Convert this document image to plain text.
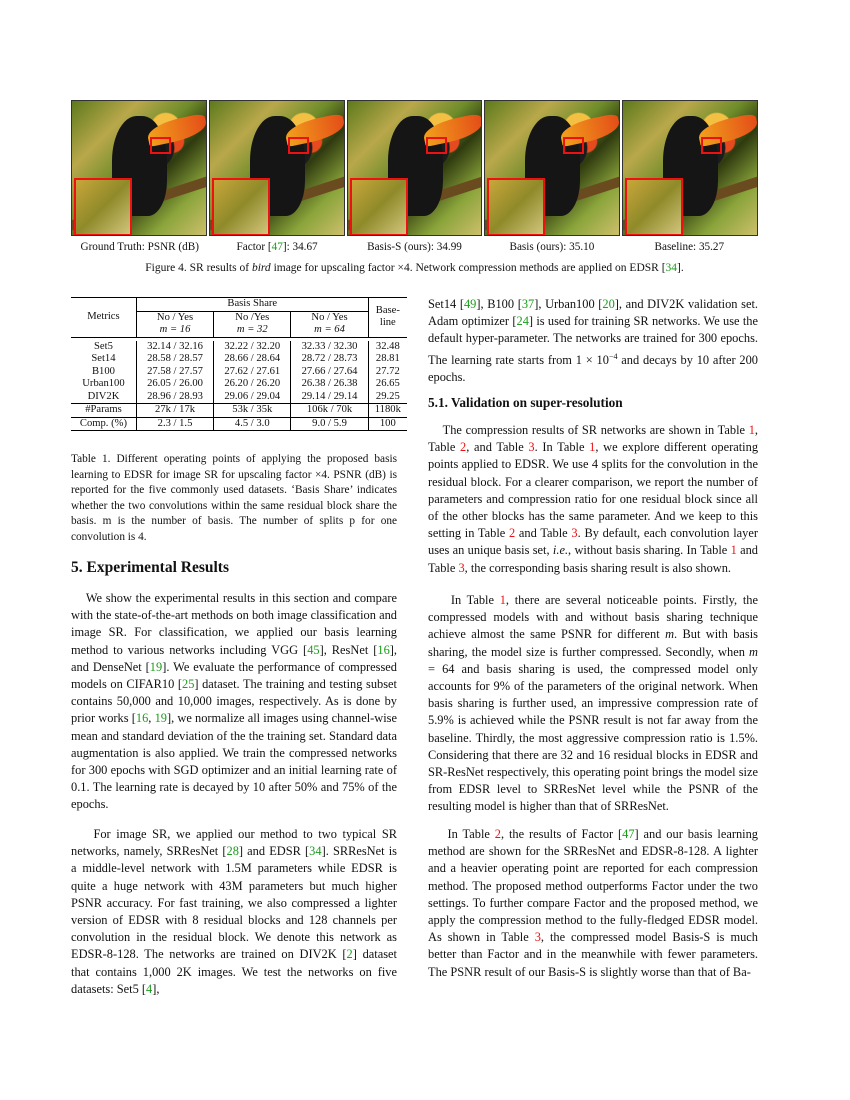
Ground Truth: PSNR (dB)	Factor [47]: 34.67	Basis-S (ours): 34.99	Basis (ours): 35.10	Baseline: 35.27
Figure 4. SR results of bird image for upscaling factor ×4. Network compression methods are applied on EDSR [34].
Metrics	Basis Share			Base-
line
	No / Yes	No /Yes	No / Yes	
	m = 16	m = 32	m = 64	

Set5	32.14 / 32.16	32.22 / 32.20	32.33 / 32.30	32.48
Set14	28.58 / 28.57	28.66 / 28.64	28.72 / 28.73	28.81
B100	27.58 / 27.57	27.62 / 27.61	27.66 / 27.64	27.72
Urban100	26.05 / 26.00	26.20 / 26.20	26.38 / 26.38	26.65
DIV2K	28.96 / 28.93	29.06 / 29.04	29.14 / 29.14	29.25
#Params	27k / 17k	53k / 35k	106k / 70k	1180k
Comp. (%)	2.3 / 1.5	4.5 / 3.0	9.0 / 5.9	100
Table 1. Different operating points of applying the proposed basis learning to EDSR for image SR for upscaling factor ×4. PSNR (dB) is reported for the five commonly used datasets. ‘Basis Share’ indicates whether the two convolutions within the same residual block share the basis. m is the number of basis. The number of splits p for one convolution is 4.
5. Experimental Results
We show the experimental results in this section and compare with the state-of-the-art methods on both image classification and image SR. For classification, we applied our basis learning method to various networks including VGG [45], ResNet [16], and DenseNet [19]. We evaluate the performance of compressed models on CIFAR10 [25] dataset. The training and testing subset contains 50,000 and 10,000 images, respectively. As is done by prior works [16, 19], we normalize all images using channel-wise mean and standard deviation of the the training set. Standard data augmentation is also applied. We train the compressed networks for 300 epochs with SGD optimizer and an initial learning rate of 0.1. The learning rate is decayed by 10 after 50% and 75% of the epochs.
For image SR, we applied our method to two typical SR networks, namely, SRResNet [28] and EDSR [34]. SRResNet is a middle-level network with 1.5M parameters while EDSR is quite a huge network with 43M parameters but much higher PSNR accuracy. For fast training, we also compressed a lighter version of EDSR with 8 residual blocks and 128 channels per convolution in the residual block. We denote this network as EDSR-8-128. The networks are trained on DIV2K [2] dataset that contains 1,000 2K images. We test the networks on five datasets: Set5 [4],
Set14 [49], B100 [37], Urban100 [20], and DIV2K validation set. Adam optimizer [24] is used for training SR networks. We use the default hyper-parameter. The networks are trained for 300 epochs. The learning rate starts from $1 \times 10^{-4}$ and decays by 10 after 200 epochs.
5.1. Validation on super-resolution
The compression results of SR networks are shown in Table 1, Table 2, and Table 3. In Table 1, we explore different operating points applied to EDSR. We use 4 splits for the convolution in the residual block. For a clearer comparison, we report the number of parameters and compression ratio for one residual block since all of the other blocks has the same parameter. And we keep to this setting in Table 2 and Table 3. By default, each convolution layer uses an unique basis set, i.e., without basis sharing. In Table 1 and Table 3, the corresponding basis sharing result is also shown.
In Table 1, there are several noticeable points. Firstly, the compressed models with and without basis sharing technique achieve almost the same PSNR for different m. But with basis sharing, the model size is further compressed. Secondly, when m = 64 and basis sharing is used, the compressed model only accounts for 9% of the parameters of the original network. When basis sharing is further used, an impressive compression rate of 5.9% is achieved while the PSNR result is not far away from the baseline. Thirdly, the most aggressive compression ratio is 1.5%. Considering that there are 32 and 16 residual blocks in EDSR and SR-ResNet respectively, this operating point brings the model size from EDSR level to SRResNet level while the PSNR of the resulting model is higher than that of SRResNet.
In Table 2, the results of Factor [47] and our basis learning method are shown for the SRResNet and EDSR-8-128. A lighter and a heavier operating point are reported for each compression method. The proposed method outperforms Factor under the two settings. To further compare Factor and the proposed method, we apply the compression method to the fully-fledged EDSR model. As shown in Table 3, the compressed model Basis-S is much better than Factor and in the meanwhile with fewer parameters. The PSNR result of our Basis-S is slightly worse than that of Ba-
